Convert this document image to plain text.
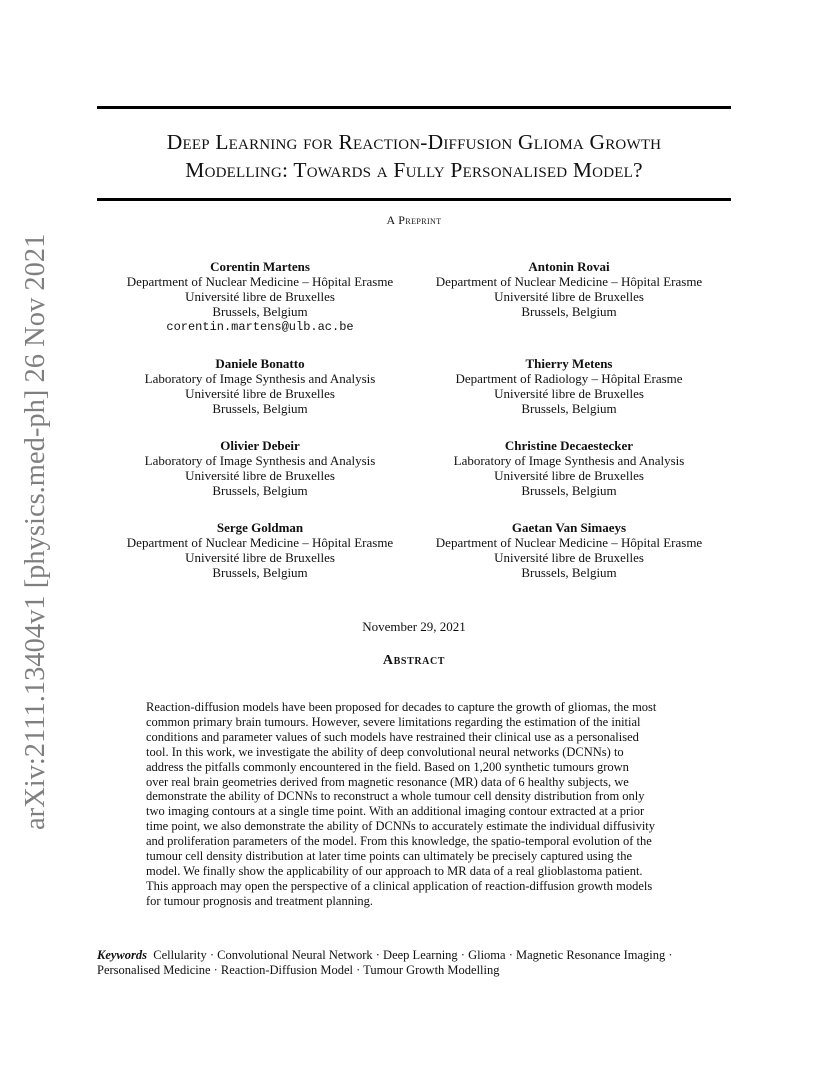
arXiv:2111.13404v1 [physics.med-ph] 26 Nov 2021
Deep Learning for Reaction-Diffusion Glioma Growth
Modelling: Towards a Fully Personalised Model?
A Preprint
Corentin Martens
Department of Nuclear Medicine – Hôpital Erasme
Université libre de Bruxelles
Brussels, Belgium
corentin.martens@ulb.ac.be
Antonin Rovai
Department of Nuclear Medicine – Hôpital Erasme
Université libre de Bruxelles
Brussels, Belgium
Daniele Bonatto
Laboratory of Image Synthesis and Analysis
Université libre de Bruxelles
Brussels, Belgium
Thierry Metens
Department of Radiology – Hôpital Erasme
Université libre de Bruxelles
Brussels, Belgium
Olivier Debeir
Laboratory of Image Synthesis and Analysis
Université libre de Bruxelles
Brussels, Belgium
Christine Decaestecker
Laboratory of Image Synthesis and Analysis
Université libre de Bruxelles
Brussels, Belgium
Serge Goldman
Department of Nuclear Medicine – Hôpital Erasme
Université libre de Bruxelles
Brussels, Belgium
Gaetan Van Simaeys
Department of Nuclear Medicine – Hôpital Erasme
Université libre de Bruxelles
Brussels, Belgium
November 29, 2021
Abstract
Reaction-diffusion models have been proposed for decades to capture the growth of gliomas, the most
common primary brain tumours. However, severe limitations regarding the estimation of the initial
conditions and parameter values of such models have restrained their clinical use as a personalised
tool. In this work, we investigate the ability of deep convolutional neural networks (DCNNs) to
address the pitfalls commonly encountered in the field. Based on 1,200 synthetic tumours grown
over real brain geometries derived from magnetic resonance (MR) data of 6 healthy subjects, we
demonstrate the ability of DCNNs to reconstruct a whole tumour cell density distribution from only
two imaging contours at a single time point. With an additional imaging contour extracted at a prior
time point, we also demonstrate the ability of DCNNs to accurately estimate the individual diffusivity
and proliferation parameters of the model. From this knowledge, the spatio-temporal evolution of the
tumour cell density distribution at later time points can ultimately be precisely captured using the
model. We finally show the applicability of our approach to MR data of a real glioblastoma patient.
This approach may open the perspective of a clinical application of reaction-diffusion growth models
for tumour prognosis and treatment planning.
Keywords Cellularity · Convolutional Neural Network · Deep Learning · Glioma · Magnetic Resonance Imaging ·
Personalised Medicine · Reaction-Diffusion Model · Tumour Growth Modelling
